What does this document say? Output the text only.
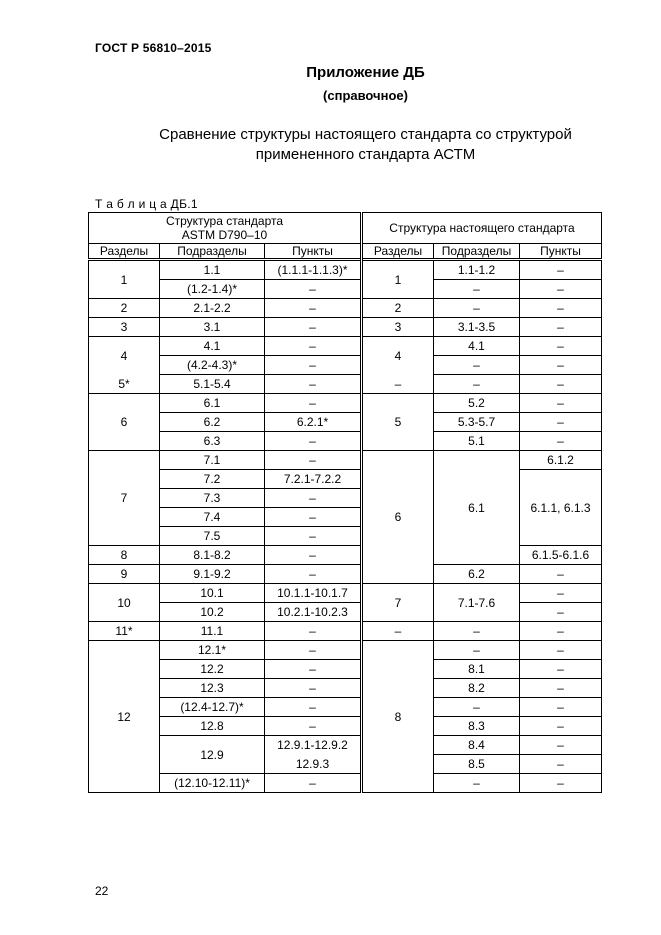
ГОСТ Р 56810–2015
Приложение ДБ
(справочное)
Сравнение структуры настоящего стандарта со структурой
примененного стандарта АСТМ
Т а б л и ц а ДБ.1
Структура стандарта
ASTM D790–10			Структура настоящего стандарта		
Разделы	Подразделы	Пункты	Разделы	Подразделы	Пункты
1	1.1	(1.1.1-1.1.3)*	1	1.1-1.2	–
	(1.2-1.4)*	–		–	–
2	2.1-2.2	–	2	–	–
3	3.1	–	3	3.1-3.5	–
4	4.1	–	4	4.1	–
	(4.2-4.3)*	–		–	–
5*	5.1-5.4	–	–	–	–
6	6.1	–	5	5.2	–
	6.2	6.2.1*		5.3-5.7	–
	6.3	–		5.1	–
7	7.1	–	6	6.1	6.1.2
	7.2	7.2.1-7.2.2			6.1.1, 6.1.3
	7.3	–			
	7.4	–			
	7.5	–			
8	8.1-8.2	–			6.1.5-6.1.6
9	9.1-9.2	–		6.2	–
10	10.1	10.1.1-10.1.7	7	7.1-7.6	–
	10.2	10.2.1-10.2.3			–
11*	11.1	–	–	–	–
12	12.1*	–	8	–	–
	12.2	–		8.1	–
	12.3	–		8.2	–
	(12.4-12.7)*	–		–	–
	12.8	–		8.3	–
	12.9	12.9.1-12.9.2		8.4	–
		12.9.3		8.5	–
	(12.10-12.11)*	–		–	–
22
